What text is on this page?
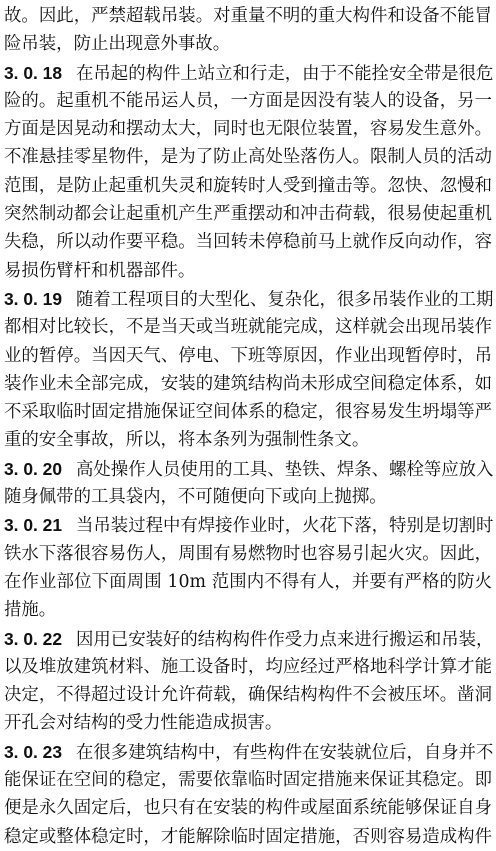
故。因此，严禁超载吊装。对重量不明的重大构件和设备不能冒
险吊装，防止出现意外事故。
3. 0. 18 在吊起的构件上站立和行走，由于不能拴安全带是很危
险的。起重机不能吊运人员，一方面是因没有装人的设备，另一
方面是因晃动和摆动太大，同时也无限位装置，容易发生意外。
不准悬挂零星物件，是为了防止高处坠落伤人。限制人员的活动
范围，是防止起重机失灵和旋转时人受到撞击等。忽快、忽慢和
突然制动都会让起重机产生严重摆动和冲击荷载，很易使起重机
失稳，所以动作要平稳。当回转未停稳前马上就作反向动作，容
易损伤臂杆和机器部件。
3. 0. 19 随着工程项目的大型化、复杂化，很多吊装作业的工期
都相对比较长，不是当天或当班就能完成，这样就会出现吊装作
业的暂停。当因天气、停电、下班等原因，作业出现暂停时，吊
装作业未全部完成，安装的建筑结构尚未形成空间稳定体系，如
不采取临时固定措施保证空间体系的稳定，很容易发生坍塌等严
重的安全事故，所以，将本条列为强制性条文。
3. 0. 20 高处操作人员使用的工具、垫铁、焊条、螺栓等应放入
随身佩带的工具袋内，不可随便向下或向上抛掷。
3. 0. 21 当吊装过程中有焊接作业时，火花下落，特别是切割时
铁水下落很容易伤人，周围有易燃物时也容易引起火灾。因此，
在作业部位下面周围 10m 范围内不得有人，并要有严格的防火
措施。
3. 0. 22 因用已安装好的结构构件作受力点来进行搬运和吊装，
以及堆放建筑材料、施工设备时，均应经过严格地科学计算才能
决定，不得超过设计允许荷载，确保结构构件不会被压坏。凿洞
开孔会对结构的受力性能造成损害。
3. 0. 23 在很多建筑结构中，有些构件在安装就位后，自身并不
能保证在空间的稳定，需要依靠临时固定措施来保证其稳定。即
便是永久固定后，也只有在安装的构件或屋面系统能够保证自身
稳定或整体稳定时，才能解除临时固定措施，否则容易造成构件
